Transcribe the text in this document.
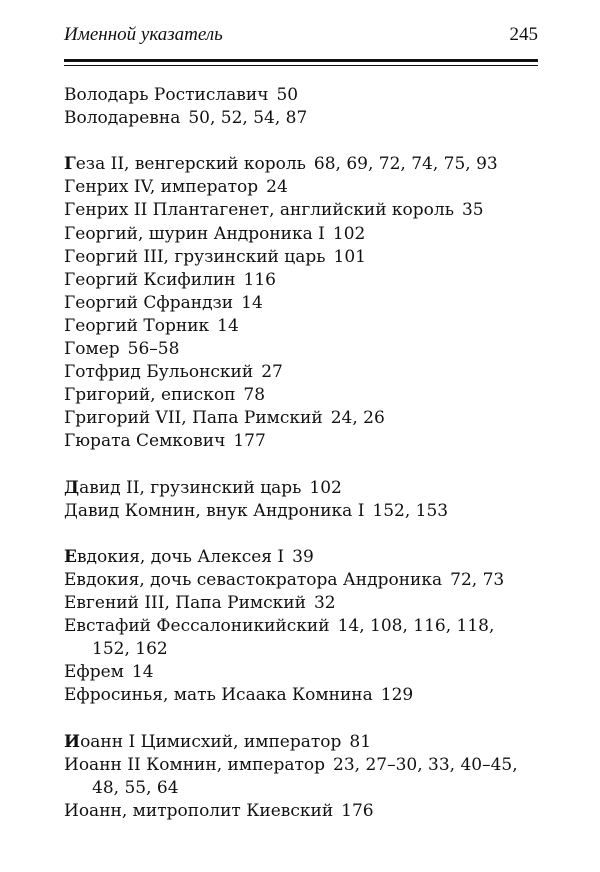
Именной указатель	245
Володарь Ростиславич 50
Володаревна 50, 52, 54, 87
Геза II, венгерский король 68, 69, 72, 74, 75, 93
Генрих IV, император 24
Генрих II Плантагенет, английский король 35
Георгий, шурин Андроника I 102
Георгий III, грузинский царь 101
Георгий Ксифилин 116
Георгий Сфрандзи 14
Георгий Торник 14
Гомер 56–58
Готфрид Бульонский 27
Григорий, епископ 78
Григорий VII, Папа Римский 24, 26
Гюрата Семкович 177
Давид II, грузинский царь 102
Давид Комнин, внук Андроника I 152, 153
Евдокия, дочь Алексея I 39
Евдокия, дочь севастократора Андроника 72, 73
Евгений III, Папа Римский 32
Евстафий Фессалоникийский 14, 108, 116, 118,
152, 162
Ефрем 14
Ефросинья, мать Исаака Комнина 129
Иоанн I Цимисхий, император 81
Иоанн II Комнин, император 23, 27–30, 33, 40–45,
48, 55, 64
Иоанн, митрополит Киевский 176
